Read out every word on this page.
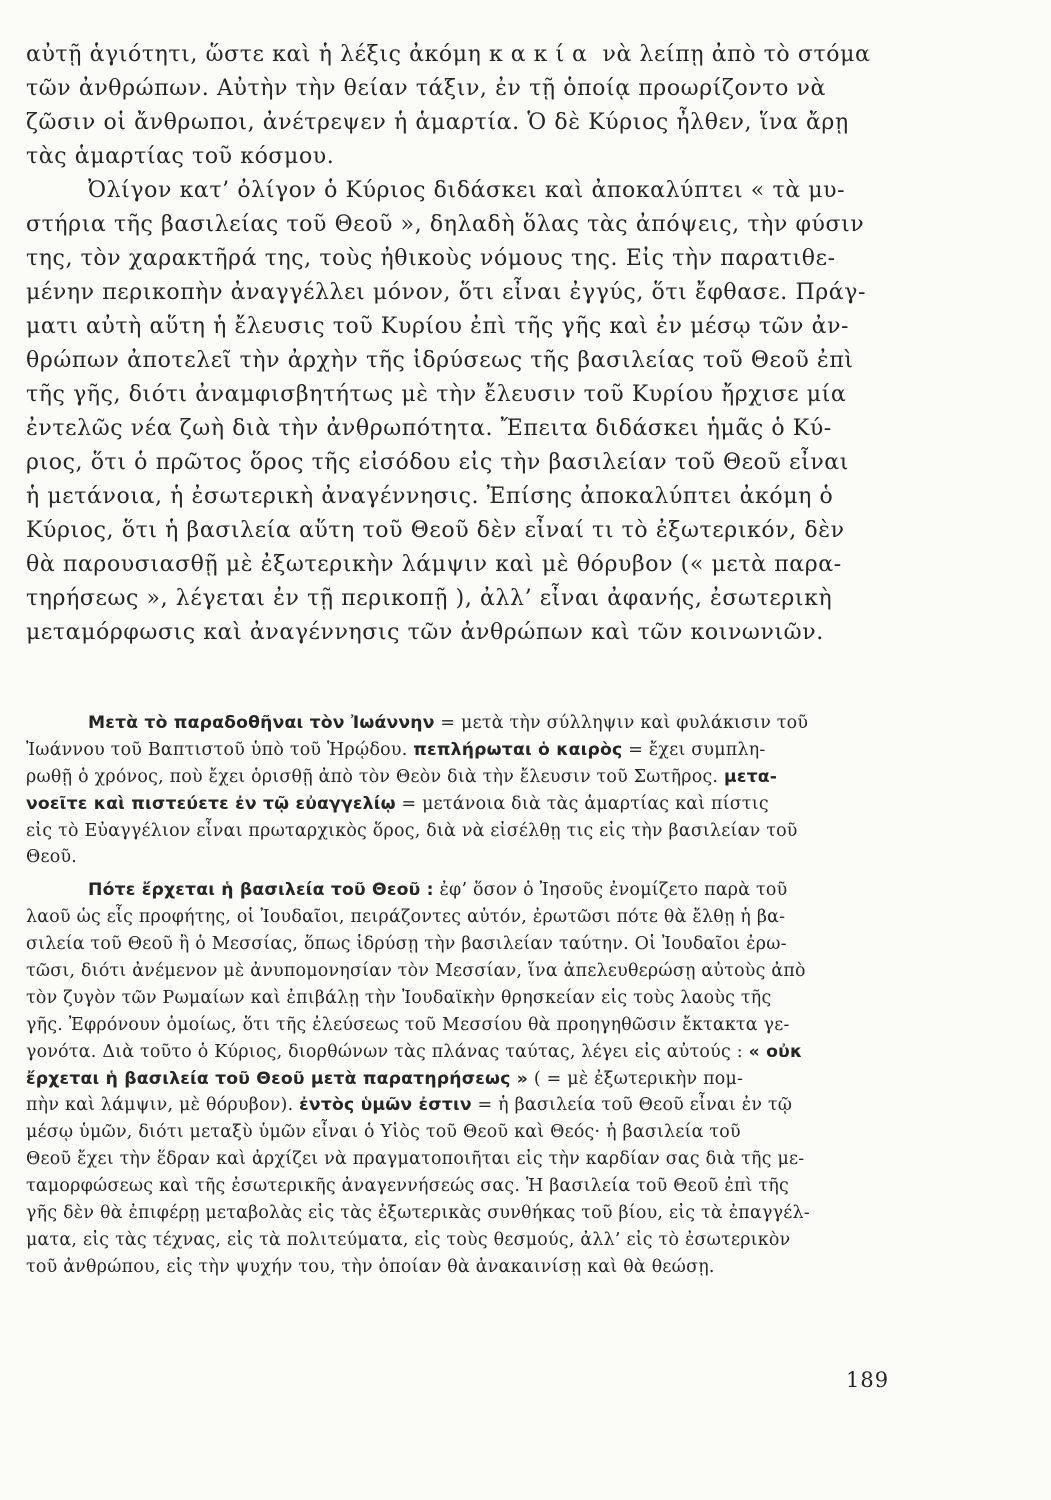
αὐτῇ ἁγιότητι, ὥστε καὶ ἡ λέξις ἀκόμη κακία νὰ λείπῃ ἀπὸ τὸ στόμα
τῶν ἀνθρώπων. Αὐτὴν τὴν θείαν τάξιν, ἐν τῇ ὁποίᾳ προωρίζοντο νὰ
ζῶσιν οἱ ἄνθρωποι, ἀνέτρεψεν ἡ ἁμαρτία. Ὁ δὲ Κύριος ἦλθεν, ἵνα ἄρῃ
τὰς ἁμαρτίας τοῦ κόσμου.
Ὀλίγον κατ’ ὀλίγον ὁ Κύριος διδάσκει καὶ ἀποκαλύπτει « τὰ μυ-
στήρια τῆς βασιλείας τοῦ Θεοῦ », δηλαδὴ ὅλας τὰς ἀπόψεις, τὴν φύσιν
της, τὸν χαρακτῆρά της, τοὺς ἠθικοὺς νόμους της. Εἰς τὴν παρατιθε-
μένην περικοπὴν ἀναγγέλλει μόνον, ὅτι εἶναι ἐγγύς, ὅτι ἔφθασε. Πράγ-
ματι αὐτὴ αὕτη ἡ ἔλευσις τοῦ Κυρίου ἐπὶ τῆς γῆς καὶ ἐν μέσῳ τῶν ἀν-
θρώπων ἀποτελεῖ τὴν ἀρχὴν τῆς ἱδρύσεως τῆς βασιλείας τοῦ Θεοῦ ἐπὶ
τῆς γῆς, διότι ἀναμφισβητήτως μὲ τὴν ἔλευσιν τοῦ Κυρίου ἤρχισε μία
ἐντελῶς νέα ζωὴ διὰ τὴν ἀνθρωπότητα. Ἔπειτα διδάσκει ἡμᾶς ὁ Κύ-
ριος, ὅτι ὁ πρῶτος ὅρος τῆς εἰσόδου εἰς τὴν βασιλείαν τοῦ Θεοῦ εἶναι
ἡ μετάνοια, ἡ ἐσωτερικὴ ἀναγέννησις. Ἐπίσης ἀποκαλύπτει ἀκόμη ὁ
Κύριος, ὅτι ἡ βασιλεία αὕτη τοῦ Θεοῦ δὲν εἶναί τι τὸ ἐξωτερικόν, δὲν
θὰ παρουσιασθῇ μὲ ἐξωτερικὴν λάμψιν καὶ μὲ θόρυβον (« μετὰ παρα-
τηρήσεως », λέγεται ἐν τῇ περικοπῇ ), ἀλλ’ εἶναι ἀφανής, ἐσωτερικὴ
μεταμόρφωσις καὶ ἀναγέννησις τῶν ἀνθρώπων καὶ τῶν κοινωνιῶν.
Μετὰ τὸ παραδοθῆναι τὸν Ἰωάννην = μετὰ τὴν σύλληψιν καὶ φυλάκισιν τοῦ
Ἰωάννου τοῦ Βαπτιστοῦ ὑπὸ τοῦ Ἡρῴδου. πεπλήρωται ὁ καιρὸς = ἔχει συμπλη-
ρωθῇ ὁ χρόνος, ποὺ ἔχει ὁρισθῇ ἀπὸ τὸν Θεὸν διὰ τὴν ἔλευσιν τοῦ Σωτῆρος. μετα-
νοεῖτε καὶ πιστεύετε ἐν τῷ εὐαγγελίῳ = μετάνοια διὰ τὰς ἁμαρτίας καὶ πίστις
εἰς τὸ Εὐαγγέλιον εἶναι πρωταρχικὸς ὅρος, διὰ νὰ εἰσέλθῃ τις εἰς τὴν βασιλείαν τοῦ
Θεοῦ.
Πότε ἔρχεται ἡ βασιλεία τοῦ Θεοῦ : ἐφ’ ὅσον ὁ Ἰησοῦς ἐνομίζετο παρὰ τοῦ
λαοῦ ὡς εἷς προφήτης, οἱ Ἰουδαῖοι, πειράζοντες αὐτόν, ἐρωτῶσι πότε θὰ ἔλθῃ ἡ βα-
σιλεία τοῦ Θεοῦ ἢ ὁ Μεσσίας, ὅπως ἱδρύσῃ τὴν βασιλείαν ταύτην. Οἱ Ἰουδαῖοι ἐρω-
τῶσι, διότι ἀνέμενον μὲ ἀνυπομονησίαν τὸν Μεσσίαν, ἵνα ἀπελευθερώσῃ αὐτοὺς ἀπὸ
τὸν ζυγὸν τῶν Ρωμαίων καὶ ἐπιβάλῃ τὴν Ἰουδαϊκὴν θρησκείαν εἰς τοὺς λαοὺς τῆς
γῆς. Ἐφρόνουν ὁμοίως, ὅτι τῆς ἐλεύσεως τοῦ Μεσσίου θὰ προηγηθῶσιν ἔκτακτα γε-
γονότα. Διὰ τοῦτο ὁ Κύριος, διορθώνων τὰς πλάνας ταύτας, λέγει εἰς αὐτούς : « οὐκ
ἔρχεται ἡ βασιλεία τοῦ Θεοῦ μετὰ παρατηρήσεως » ( = μὲ ἐξωτερικὴν πομ-
πὴν καὶ λάμψιν, μὲ θόρυβον). ἐντὸς ὑμῶν ἐστιν = ἡ βασιλεία τοῦ Θεοῦ εἶναι ἐν τῷ
μέσῳ ὑμῶν, διότι μεταξὺ ὑμῶν εἶναι ὁ Υἱὸς τοῦ Θεοῦ καὶ Θεός· ἡ βασιλεία τοῦ
Θεοῦ ἔχει τὴν ἕδραν καὶ ἀρχίζει νὰ πραγματοποιῆται εἰς τὴν καρδίαν σας διὰ τῆς με-
ταμορφώσεως καὶ τῆς ἐσωτερικῆς ἀναγεννήσεώς σας. Ἡ βασιλεία τοῦ Θεοῦ ἐπὶ τῆς
γῆς δὲν θὰ ἐπιφέρῃ μεταβολὰς εἰς τὰς ἐξωτερικὰς συνθήκας τοῦ βίου, εἰς τὰ ἐπαγγέλ-
ματα, εἰς τὰς τέχνας, εἰς τὰ πολιτεύματα, εἰς τοὺς θεσμούς, ἀλλ’ εἰς τὸ ἐσωτερικὸν
τοῦ ἀνθρώπου, εἰς τὴν ψυχήν του, τὴν ὁποίαν θὰ ἀνακαινίσῃ καὶ θὰ θεώσῃ.
189
